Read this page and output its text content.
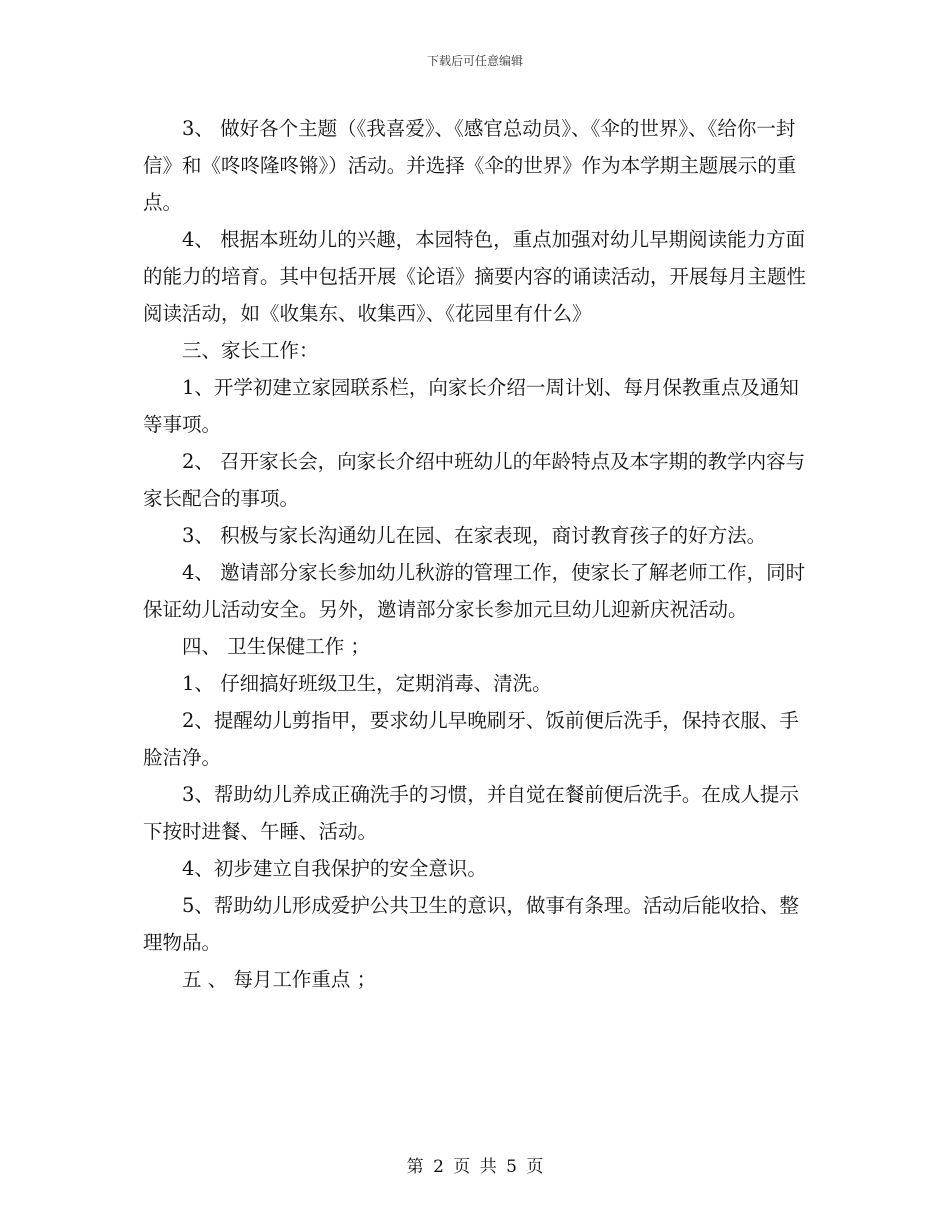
下载后可任意编辑

3、 做好各个主题（《我喜爱》、《感官总动员》、《伞的世界》、《给你一封信》和《咚咚隆咚锵》）活动。并选择《伞的世界》作为本学期主题展示的重点。

4、 根据本班幼儿的兴趣，本园特色，重点加强对幼儿早期阅读能力方面的能力的培育。其中包括开展《论语》摘要内容的诵读活动，开展每月主题性阅读活动，如《收集东、收集西》、《花园里有什么》

三、家长工作：

1、开学初建立家园联系栏，向家长介绍一周计划、每月保教重点及通知等事项。

2、 召开家长会，向家长介绍中班幼儿的年龄特点及本字期的教学内容与家长配合的事项。

3、 积极与家长沟通幼儿在园、在家表现，商讨教育孩子的好方法。

4、 邀请部分家长参加幼儿秋游的管理工作，使家长了解老师工作，同时保证幼儿活动安全。另外，邀请部分家长参加元旦幼儿迎新庆祝活动。

四、 卫生保健工作 ；

1、 仔细搞好班级卫生，定期消毒、清洗。

2、提醒幼儿剪指甲，要求幼儿早晚刷牙、饭前便后洗手，保持衣服、手脸洁净。

3、帮助幼儿养成正确洗手的习惯，并自觉在餐前便后洗手。在成人提示下按时进餐、午睡、活动。

4、初步建立自我保护的安全意识。

5、帮助幼儿形成爱护公共卫生的意识，做事有条理。活动后能收拾、整理物品。

五 、 每月工作重点 ；

第 2 页 共 5 页
